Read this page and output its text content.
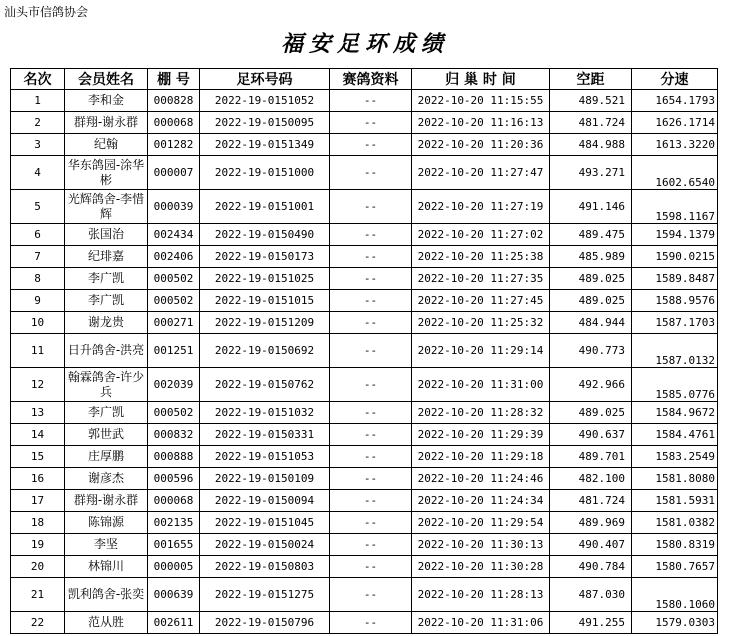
汕头市信鸽协会
福安足环成绩
名次	会员姓名	棚 号	足环号码	赛鸽资料	归 巢 时 间	空距	分速
1	李和金	000828	2022-19-0151052	--	2022-10-20 11:15:55	489.521	1654.1793
2	群翔-谢永群	000068	2022-19-0150095	--	2022-10-20 11:16:13	481.724	1626.1714
3	纪翰	001282	2022-19-0151349	--	2022-10-20 11:20:36	484.988	1613.3220
4	华东鸽园-涂华彬	000007	2022-19-0151000	--	2022-10-20 11:27:47	493.271	1602.6540
5	光辉鸽舍-李惜辉	000039	2022-19-0151001	--	2022-10-20 11:27:19	491.146	1598.1167
6	张国治	002434	2022-19-0150490	--	2022-10-20 11:27:02	489.475	1594.1379
7	纪琲嘉	002406	2022-19-0150173	--	2022-10-20 11:25:38	485.989	1590.0215
8	李广凯	000502	2022-19-0151025	--	2022-10-20 11:27:35	489.025	1589.8487
9	李广凯	000502	2022-19-0151015	--	2022-10-20 11:27:45	489.025	1588.9576
10	谢龙贵	000271	2022-19-0151209	--	2022-10-20 11:25:32	484.944	1587.1703
11	日升鸽舍-洪亮	001251	2022-19-0150692	--	2022-10-20 11:29:14	490.773	1587.0132
12	翰霖鸽舍-许少兵	002039	2022-19-0150762	--	2022-10-20 11:31:00	492.966	1585.0776
13	李广凯	000502	2022-19-0151032	--	2022-10-20 11:28:32	489.025	1584.9672
14	郭世武	000832	2022-19-0150331	--	2022-10-20 11:29:39	490.637	1584.4761
15	庄厚鹏	000888	2022-19-0151053	--	2022-10-20 11:29:18	489.701	1583.2549
16	谢彦杰	000596	2022-19-0150109	--	2022-10-20 11:24:46	482.100	1581.8080
17	群翔-谢永群	000068	2022-19-0150094	--	2022-10-20 11:24:34	481.724	1581.5931
18	陈锦源	002135	2022-19-0151045	--	2022-10-20 11:29:54	489.969	1581.0382
19	李坚	001655	2022-19-0150024	--	2022-10-20 11:30:13	490.407	1580.8319
20	林锦川	000005	2022-19-0150803	--	2022-10-20 11:30:28	490.784	1580.7657
21	凯利鸽舍-张奕	000639	2022-19-0151275	--	2022-10-20 11:28:13	487.030	1580.1060
22	范从胜	002611	2022-19-0150796	--	2022-10-20 11:31:06	491.255	1579.0303
